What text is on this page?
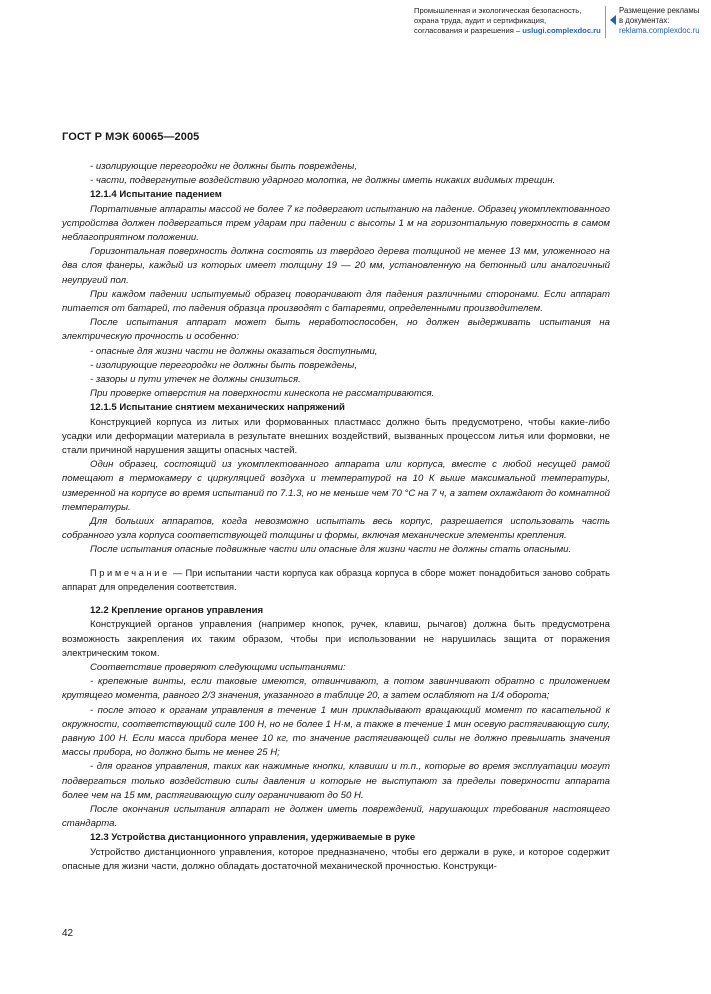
Промышленная и экологическая безопасность,
охрана труда, аудит и сертификация,
согласования и разрешения – uslugi.complexdoc.ru
Размещение рекламы
в документах:
reklama.complexdoc.ru
ГОСТ Р МЭК 60065—2005

- изолирующие перегородки не должны быть повреждены,

- части, подвергнутые воздействию ударного молотка, не должны иметь никаких видимых трещин.

12.1.4 Испытание падением

Портативные аппараты массой не более 7 кг подвергают испытанию на падение. Образец укомплектованного устройства должен подвергаться трем ударам при падении с высоты 1 м на горизонтальную поверхность в самом неблагоприятном положении.

Горизонтальная поверхность должна состоять из твердого дерева толщиной не менее 13 мм, уложенного на два слоя фанеры, каждый из которых имеет толщину 19 — 20 мм, установленную на бетонный или аналогичный неупругий пол.

При каждом падении испытуемый образец поворачивают для падения различными сторонами. Если аппарат питается от батарей, то падения образца производят с батареями, определенными производителем.

После испытания аппарат может быть неработоспособен, но должен выдерживать испытания на электрическую прочность и особенно:

- опасные для жизни части не должны оказаться доступными,

- изолирующие перегородки не должны быть повреждены,

- зазоры и пути утечек не должны снизиться.

При проверке отверстия на поверхности кинескопа не рассматриваются.

12.1.5 Испытание снятием механических напряжений

Конструкцией корпуса из литых или формованных пластмасс должно быть предусмотрено, чтобы какие-либо усадки или деформации материала в результате внешних воздействий, вызванных процессом литья или формовки, не стали причиной нарушения защиты опасных частей.

Один образец, состоящий из укомплектованного аппарата или корпуса, вместе с любой несущей рамой помещают в термокамеру с циркуляцией воздуха и температурой на 10 К выше максимальной температуры, измеренной на корпусе во время испытаний по 7.1.3, но не меньше чем 70 °С на 7 ч, а затем охлаждают до комнатной температуры.

Для больших аппаратов, когда невозможно испытать весь корпус, разрешается использовать часть собранного узла корпуса соответствующей толщины и формы, включая механические элементы крепления.

После испытания опасные подвижные части или опасные для жизни части не должны стать опасными.

Примечание — При испытании части корпуса как образца корпуса в сборе может понадобиться заново собрать аппарат для определения соответствия.

12.2 Крепление органов управления

Конструкцией органов управления (например кнопок, ручек, клавиш, рычагов) должна быть предусмотрена возможность закрепления их таким образом, чтобы при использовании не нарушилась защита от поражения электрическим током.

Соответствие проверяют следующими испытаниями:

- крепежные винты, если таковые имеются, отвинчивают, а потом завинчивают обратно с приложением крутящего момента, равного 2/3 значения, указанного в таблице 20, а затем ослабляют на 1/4 оборота;

- после этого к органам управления в течение 1 мин прикладывают вращающий момент по касательной к окружности, соответствующий силе 100 Н, но не более 1 Н·м, а также в течение 1 мин осевую растягивающую силу, равную 100 Н. Если масса прибора менее 10 кг, то значение растягивающей силы не должно превышать значения массы прибора, но должно быть не менее 25 Н;

- для органов управления, таких как нажимные кнопки, клавиши и т.п., которые во время эксплуатации могут подвергаться только воздействию силы давления и которые не выступают за пределы поверхности аппарата более чем на 15 мм, растягивающую силу ограничивают до 50 Н.

После окончания испытания аппарат не должен иметь повреждений, нарушающих требования настоящего стандарта.

12.3 Устройства дистанционного управления, удерживаемые в руке

Устройство дистанционного управления, которое предназначено, чтобы его держали в руке, и которое содержит опасные для жизни части, должно обладать достаточной механической прочностью. Конструкци-

42
